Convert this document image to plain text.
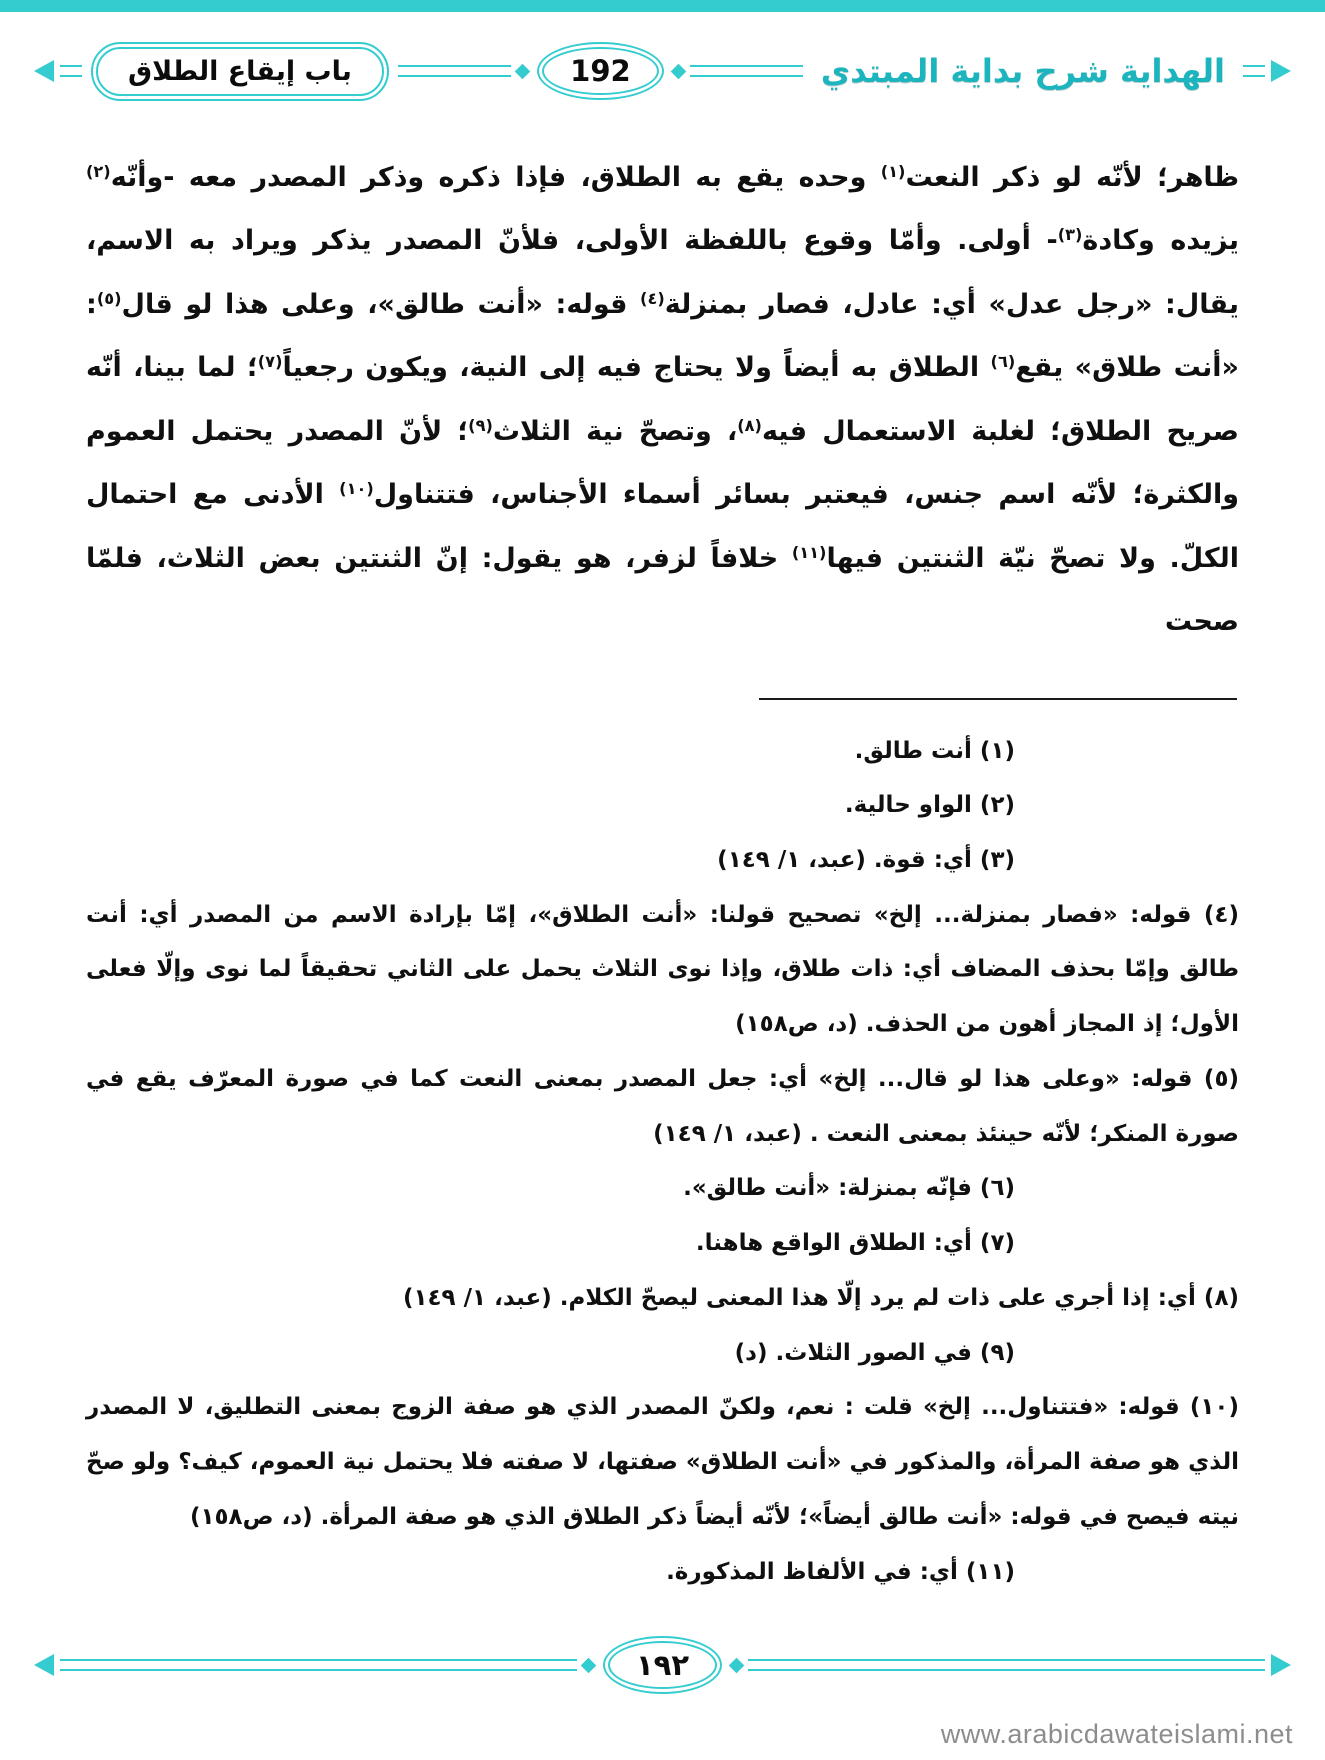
باب إيقاع الطلاق	192	الهداية شرح بداية المبتدي
ظاهر؛ لأنّه لو ذكر النعت$^{(١)}$ وحده يقع به الطلاق، فإذا ذكره وذكر المصدر معه -وأنّه$^{(٢)}$ يزيده وكادة$^{(٣)}$- أولى. وأمّا وقوع باللفظة الأولى، فلأنّ المصدر يذكر ويراد به الاسم، يقال: «رجل عدل» أي: عادل، فصار بمنزلة$^{(٤)}$ قوله: «أنت طالق»، وعلى هذا لو قال$^{(٥)}$: «أنت طلاق» يقع$^{(٦)}$ الطلاق به أيضاً ولا يحتاج فيه إلى النية، ويكون رجعياً$^{(٧)}$؛ لما بينا، أنّه صريح الطلاق؛ لغلبة الاستعمال فيه$^{(٨)}$، وتصحّ نية الثلاث$^{(٩)}$؛ لأنّ المصدر يحتمل العموم والكثرة؛ لأنّه اسم جنس، فيعتبر بسائر أسماء الأجناس، فتتناول$^{(١٠)}$ الأدنى مع احتمال الكلّ. ولا تصحّ نيّة الثنتين فيها$^{(١١)}$ خلافاً لزفر، هو يقول: إنّ الثنتين بعض الثلاث، فلمّا صحت
(١) أنت طالق.
(٢) الواو حالية.
(٣) أي: قوة. (عبد، ١/ ١٤٩)
(٤) قوله: «فصار بمنزلة... إلخ» تصحيح قولنا: «أنت الطلاق»، إمّا بإرادة الاسم من المصدر أي: أنت طالق وإمّا بحذف المضاف أي: ذات طلاق، وإذا نوى الثلاث يحمل على الثاني تحقيقاً لما نوى وإلّا فعلى الأول؛ إذ المجاز أهون من الحذف. (د، ص١٥٨)
(٥) قوله: «وعلى هذا لو قال... إلخ» أي: جعل المصدر بمعنى النعت كما في صورة المعرّف يقع في صورة المنكر؛ لأنّه حينئذ بمعنى النعت . (عبد، ١/ ١٤٩)
(٦) فإنّه بمنزلة: «أنت طالق».
(٧) أي: الطلاق الواقع هاهنا.
(٨) أي: إذا أجري على ذات لم يرد إلّا هذا المعنى ليصحّ الكلام. (عبد، ١/ ١٤٩)
(٩) في الصور الثلاث. (د)
(١٠) قوله: «فتتناول... إلخ» قلت : نعم، ولكنّ المصدر الذي هو صفة الزوج بمعنى التطليق، لا المصدر الذي هو صفة المرأة، والمذكور في «أنت الطلاق» صفتها، لا صفته فلا يحتمل نية العموم، كيف؟ ولو صحّ نيته فيصح في قوله: «أنت طالق أيضاً»؛ لأنّه أيضاً ذكر الطلاق الذي هو صفة المرأة. (د، ص١٥٨)
(١١) أي: في الألفاظ المذكورة.
١٩٢
www.arabicdawateislami.net
